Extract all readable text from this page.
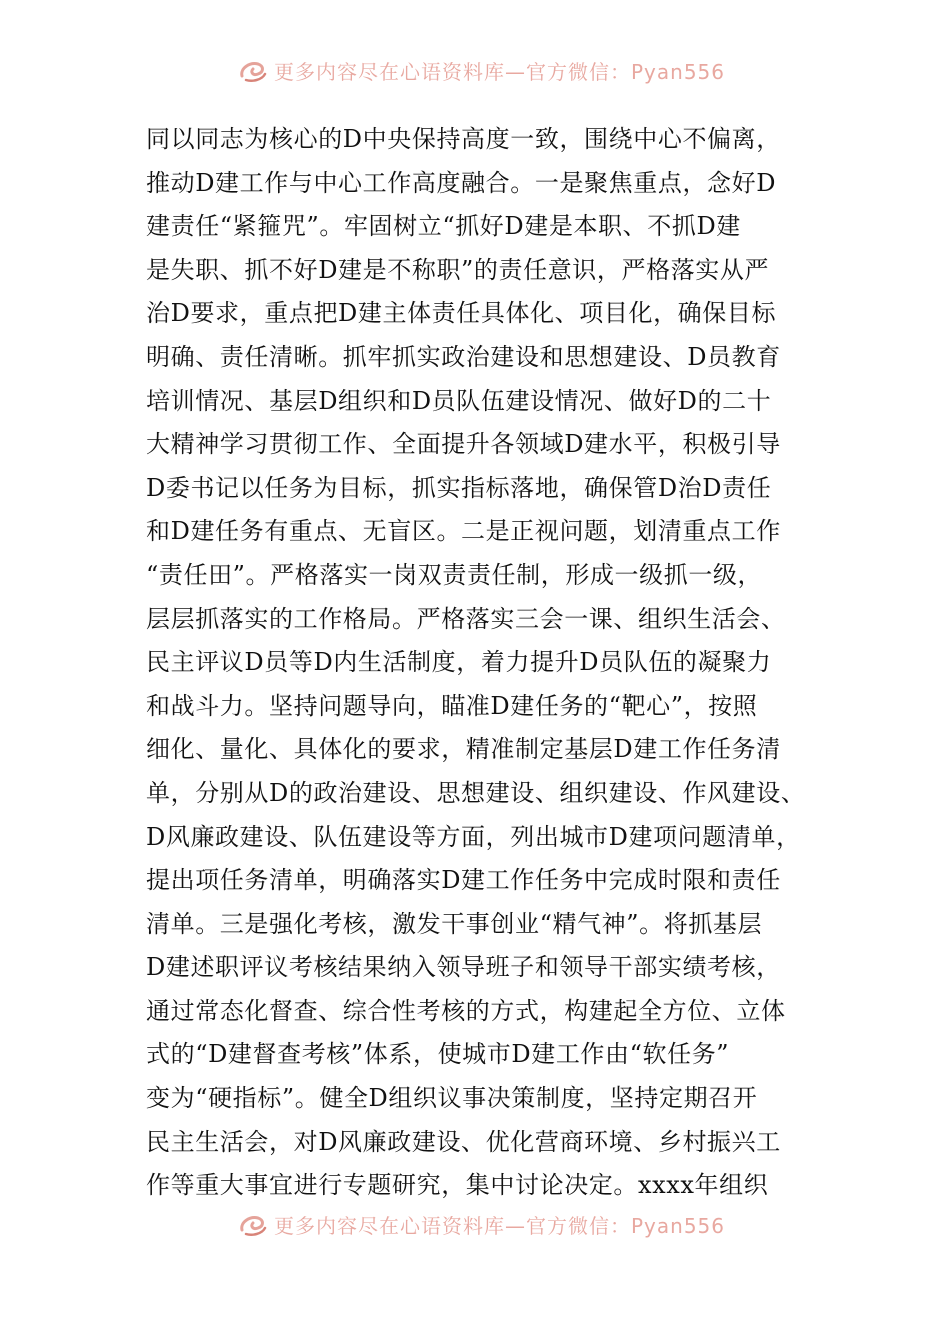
更多内容尽在心语资料库—官方微信：Pyan556
同以同志为核心的D中央保持高度一致，围绕中心不偏离，
推动D建工作与中心工作高度融合。一是聚焦重点，念好D
建责任“紧箍咒”。牢固树立“抓好D建是本职、不抓D建
是失职、抓不好D建是不称职”的责任意识，严格落实从严
治D要求，重点把D建主体责任具体化、项目化，确保目标
明确、责任清晰。抓牢抓实政治建设和思想建设、D员教育
培训情况、基层D组织和D员队伍建设情况、做好D的二十
大精神学习贯彻工作、全面提升各领域D建水平，积极引导
D委书记以任务为目标，抓实指标落地，确保管D治D责任
和D建任务有重点、无盲区。二是正视问题，划清重点工作
“责任田”。严格落实一岗双责责任制，形成一级抓一级，
层层抓落实的工作格局。严格落实三会一课、组织生活会、
民主评议D员等D内生活制度，着力提升D员队伍的凝聚力
和战斗力。坚持问题导向，瞄准D建任务的“靶心”，按照
细化、量化、具体化的要求，精准制定基层D建工作任务清
单，分别从D的政治建设、思想建设、组织建设、作风建设、
D风廉政建设、队伍建设等方面，列出城市D建项问题清单，
提出项任务清单，明确落实D建工作任务中完成时限和责任
清单。三是强化考核，激发干事创业“精气神”。将抓基层
D建述职评议考核结果纳入领导班子和领导干部实绩考核，
通过常态化督查、综合性考核的方式，构建起全方位、立体
式的“D建督查考核”体系，使城市D建工作由“软任务”
变为“硬指标”。健全D组织议事决策制度，坚持定期召开
民主生活会，对D风廉政建设、优化营商环境、乡村振兴工
作等重大事宜进行专题研究，集中讨论决定。xxxx年组织
更多内容尽在心语资料库—官方微信：Pyan556
